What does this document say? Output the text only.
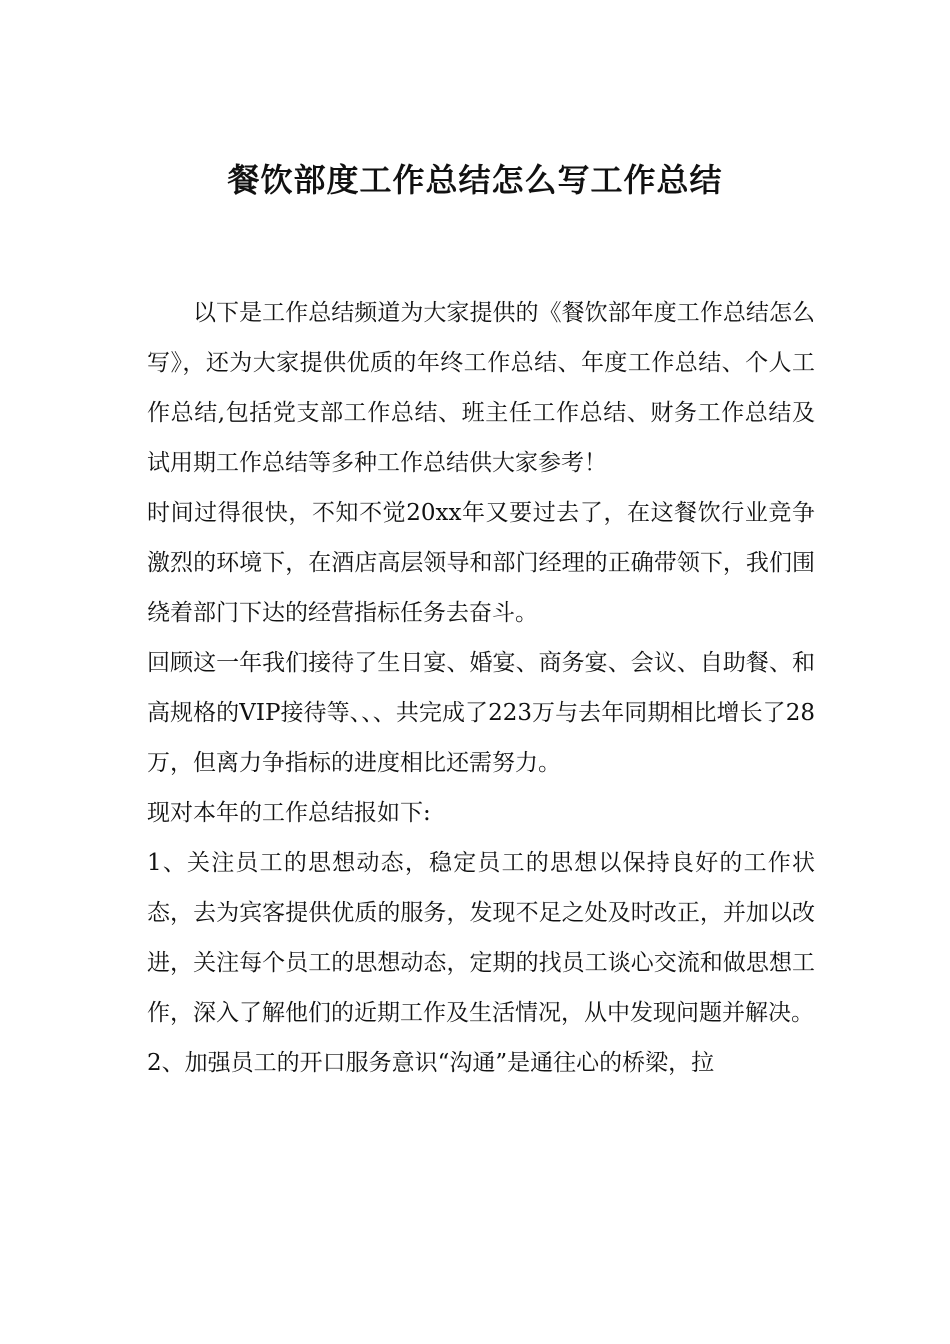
餐饮部度工作总结怎么写工作总结

以下是工作总结频道为大家提供的《餐饮部年度工作总结怎么写》，还为大家提供优质的年终工作总结、年度工作总结、个人工作总结,包括党支部工作总结、班主任工作总结、财务工作总结及试用期工作总结等多种工作总结供大家参考！

时间过得很快，不知不觉20xx年又要过去了，在这餐饮行业竞争激烈的环境下，在酒店高层领导和部门经理的正确带领下，我们围绕着部门下达的经营指标任务去奋斗。

回顾这一年我们接待了生日宴、婚宴、商务宴、会议、自助餐、和高规格的VIP接待等、、、共完成了223万与去年同期相比增长了28万，但离力争指标的进度相比还需努力。

现对本年的工作总结报如下:

1、关注员工的思想动态，稳定员工的思想以保持良好的工作状态，去为宾客提供优质的服务，发现不足之处及时改正，并加以改进，关注每个员工的思想动态，定期的找员工谈心交流和做思想工作，深入了解他们的近期工作及生活情况，从中发现问题并解决。

2、加强员工的开口服务意识“沟通”是通往心的桥梁，拉
